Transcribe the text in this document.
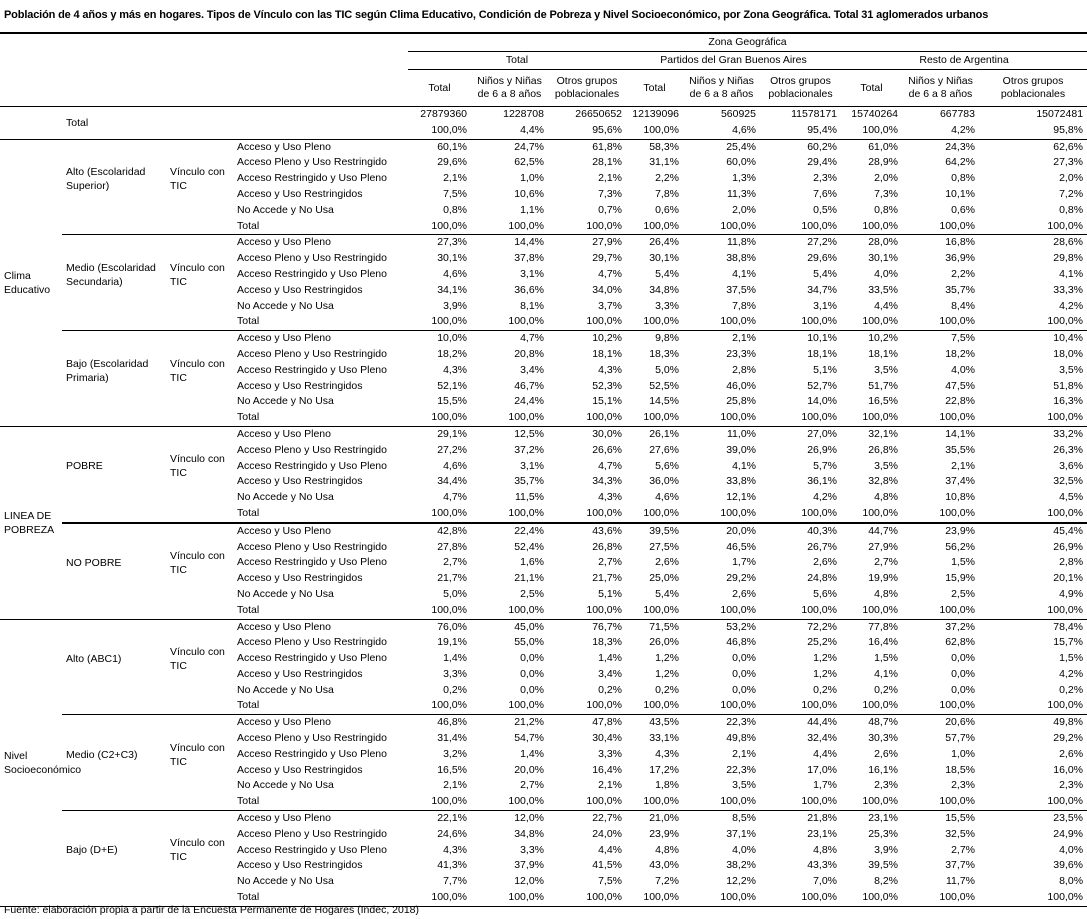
Población de 4 años y más en hogares. Tipos de Vínculo con las TIC según Clima Educativo, Condición de Pobreza y Nivel Socioeconómico, por Zona Geográfica. Total 31 aglomerados urbanos
				Zona Geográfica								
				Total			Partidos del Gran Buenos Aires			Resto de Argentina		
				Total	Niños y Niñas de 6 a 8 años	Otros grupos poblacionales	Total	Niños y Niñas de 6 a 8 años	Otros grupos poblacionales	Total	Niños y Niñas de 6 a 8 años	Otros grupos poblacionales
	Total			27879360	1228708	26650652	12139096	560925	11578171	15740264	667783	15072481
				100,0%	4,4%	95,6%	100,0%	4,6%	95,4%	100,0%	4,2%	95,8%
Clima Educativo	Alto (Escolaridad Superior)	Vínculo con TIC	Acceso y Uso Pleno	60,1%	24,7%	61,8%	58,3%	25,4%	60,2%	61,0%	24,3%	62,6%
			Acceso Pleno y Uso Restringido	29,6%	62,5%	28,1%	31,1%	60,0%	29,4%	28,9%	64,2%	27,3%
			Acceso Restringido y Uso Pleno	2,1%	1,0%	2,1%	2,2%	1,3%	2,3%	2,0%	0,8%	2,0%
			Acceso y Uso Restringidos	7,5%	10,6%	7,3%	7,8%	11,3%	7,6%	7,3%	10,1%	7,2%
			No Accede y No Usa	0,8%	1,1%	0,7%	0,6%	2,0%	0,5%	0,8%	0,6%	0,8%
			Total	100,0%	100,0%	100,0%	100,0%	100,0%	100,0%	100,0%	100,0%	100,0%
	Medio (Escolaridad Secundaria)	Vínculo con TIC	Acceso y Uso Pleno	27,3%	14,4%	27,9%	26,4%	11,8%	27,2%	28,0%	16,8%	28,6%
			Acceso Pleno y Uso Restringido	30,1%	37,8%	29,7%	30,1%	38,8%	29,6%	30,1%	36,9%	29,8%
			Acceso Restringido y Uso Pleno	4,6%	3,1%	4,7%	5,4%	4,1%	5,4%	4,0%	2,2%	4,1%
			Acceso y Uso Restringidos	34,1%	36,6%	34,0%	34,8%	37,5%	34,7%	33,5%	35,7%	33,3%
			No Accede y No Usa	3,9%	8,1%	3,7%	3,3%	7,8%	3,1%	4,4%	8,4%	4,2%
			Total	100,0%	100,0%	100,0%	100,0%	100,0%	100,0%	100,0%	100,0%	100,0%
	Bajo (Escolaridad Primaria)	Vínculo con TIC	Acceso y Uso Pleno	10,0%	4,7%	10,2%	9,8%	2,1%	10,1%	10,2%	7,5%	10,4%
			Acceso Pleno y Uso Restringido	18,2%	20,8%	18,1%	18,3%	23,3%	18,1%	18,1%	18,2%	18,0%
			Acceso Restringido y Uso Pleno	4,3%	3,4%	4,3%	5,0%	2,8%	5,1%	3,5%	4,0%	3,5%
			Acceso y Uso Restringidos	52,1%	46,7%	52,3%	52,5%	46,0%	52,7%	51,7%	47,5%	51,8%
			No Accede y No Usa	15,5%	24,4%	15,1%	14,5%	25,8%	14,0%	16,5%	22,8%	16,3%
			Total	100,0%	100,0%	100,0%	100,0%	100,0%	100,0%	100,0%	100,0%	100,0%
LINEA DE POBREZA	POBRE	Vínculo con TIC	Acceso y Uso Pleno	29,1%	12,5%	30,0%	26,1%	11,0%	27,0%	32,1%	14,1%	33,2%
			Acceso Pleno y Uso Restringido	27,2%	37,2%	26,6%	27,6%	39,0%	26,9%	26,8%	35,5%	26,3%
			Acceso Restringido y Uso Pleno	4,6%	3,1%	4,7%	5,6%	4,1%	5,7%	3,5%	2,1%	3,6%
			Acceso y Uso Restringidos	34,4%	35,7%	34,3%	36,0%	33,8%	36,1%	32,8%	37,4%	32,5%
			No Accede y No Usa	4,7%	11,5%	4,3%	4,6%	12,1%	4,2%	4,8%	10,8%	4,5%
			Total	100,0%	100,0%	100,0%	100,0%	100,0%	100,0%	100,0%	100,0%	100,0%
	NO POBRE	Vínculo con TIC	Acceso y Uso Pleno	42,8%	22,4%	43,6%	39,5%	20,0%	40,3%	44,7%	23,9%	45,4%
			Acceso Pleno y Uso Restringido	27,8%	52,4%	26,8%	27,5%	46,5%	26,7%	27,9%	56,2%	26,9%
			Acceso Restringido y Uso Pleno	2,7%	1,6%	2,7%	2,6%	1,7%	2,6%	2,7%	1,5%	2,8%
			Acceso y Uso Restringidos	21,7%	21,1%	21,7%	25,0%	29,2%	24,8%	19,9%	15,9%	20,1%
			No Accede y No Usa	5,0%	2,5%	5,1%	5,4%	2,6%	5,6%	4,8%	2,5%	4,9%
			Total	100,0%	100,0%	100,0%	100,0%	100,0%	100,0%	100,0%	100,0%	100,0%
Nivel Socioeconómico	Alto (ABC1)	Vínculo con TIC	Acceso y Uso Pleno	76,0%	45,0%	76,7%	71,5%	53,2%	72,2%	77,8%	37,2%	78,4%
			Acceso Pleno y Uso Restringido	19,1%	55,0%	18,3%	26,0%	46,8%	25,2%	16,4%	62,8%	15,7%
			Acceso Restringido y Uso Pleno	1,4%	0,0%	1,4%	1,2%	0,0%	1,2%	1,5%	0,0%	1,5%
			Acceso y Uso Restringidos	3,3%	0,0%	3,4%	1,2%	0,0%	1,2%	4,1%	0,0%	4,2%
			No Accede y No Usa	0,2%	0,0%	0,2%	0,2%	0,0%	0,2%	0,2%	0,0%	0,2%
			Total	100,0%	100,0%	100,0%	100,0%	100,0%	100,0%	100,0%	100,0%	100,0%
	Medio (C2+C3)	Vínculo con TIC	Acceso y Uso Pleno	46,8%	21,2%	47,8%	43,5%	22,3%	44,4%	48,7%	20,6%	49,8%
			Acceso Pleno y Uso Restringido	31,4%	54,7%	30,4%	33,1%	49,8%	32,4%	30,3%	57,7%	29,2%
			Acceso Restringido y Uso Pleno	3,2%	1,4%	3,3%	4,3%	2,1%	4,4%	2,6%	1,0%	2,6%
			Acceso y Uso Restringidos	16,5%	20,0%	16,4%	17,2%	22,3%	17,0%	16,1%	18,5%	16,0%
			No Accede y No Usa	2,1%	2,7%	2,1%	1,8%	3,5%	1,7%	2,3%	2,3%	2,3%
			Total	100,0%	100,0%	100,0%	100,0%	100,0%	100,0%	100,0%	100,0%	100,0%
	Bajo (D+E)	Vínculo con TIC	Acceso y Uso Pleno	22,1%	12,0%	22,7%	21,0%	8,5%	21,8%	23,1%	15,5%	23,5%
			Acceso Pleno y Uso Restringido	24,6%	34,8%	24,0%	23,9%	37,1%	23,1%	25,3%	32,5%	24,9%
			Acceso Restringido y Uso Pleno	4,3%	3,3%	4,4%	4,8%	4,0%	4,8%	3,9%	2,7%	4,0%
			Acceso y Uso Restringidos	41,3%	37,9%	41,5%	43,0%	38,2%	43,3%	39,5%	37,7%	39,6%
			No Accede y No Usa	7,7%	12,0%	7,5%	7,2%	12,2%	7,0%	8,2%	11,7%	8,0%
			Total	100,0%	100,0%	100,0%	100,0%	100,0%	100,0%	100,0%	100,0%	100,0%
Fuente: elaboración propia a partir de la Encuesta Permanente de Hogares (Indec, 2018)
